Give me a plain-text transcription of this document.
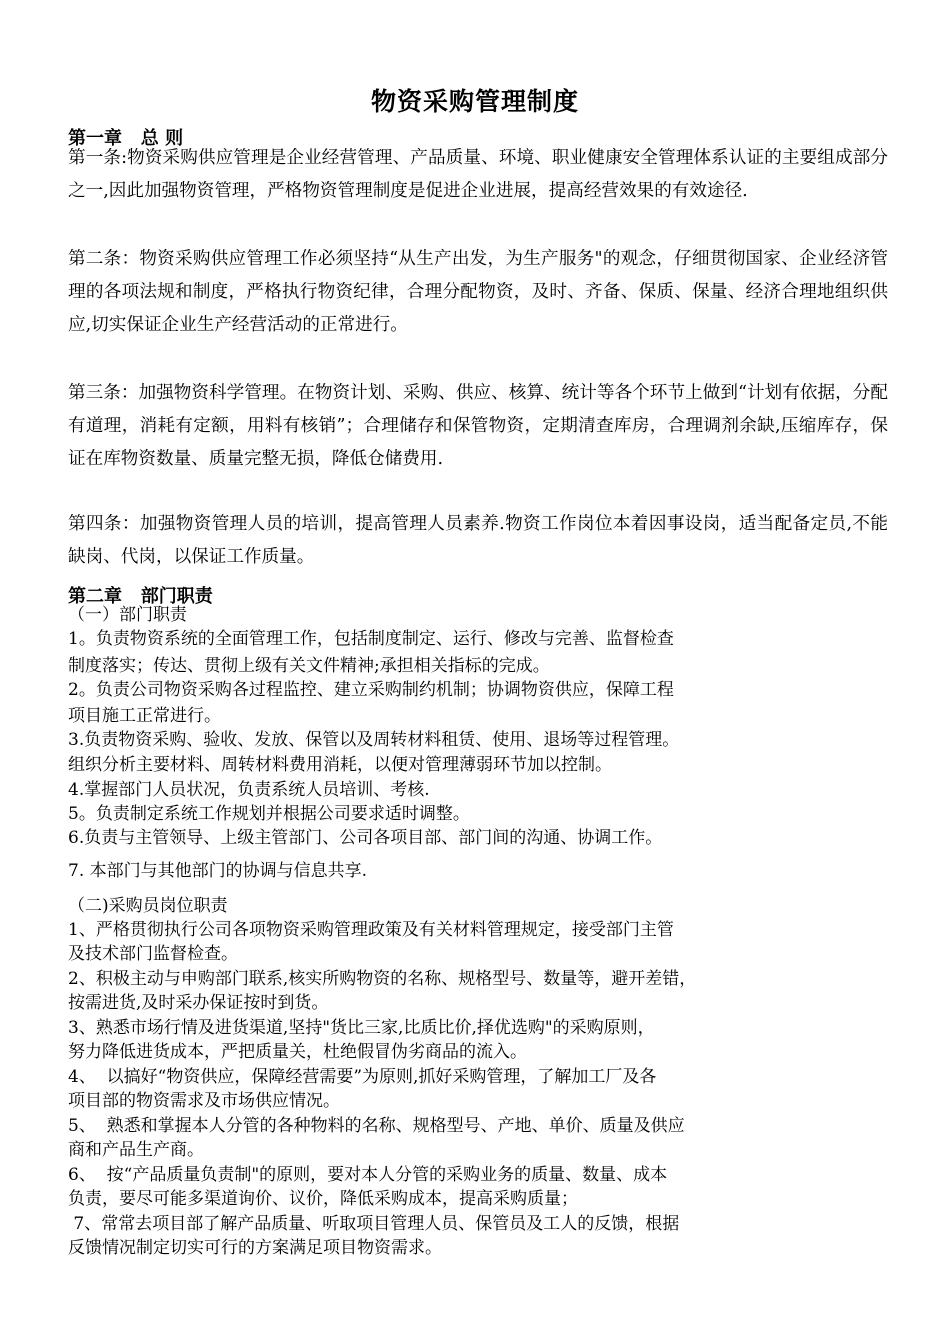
物资采购管理制度
第一章   总 则
第一条:物资采购供应管理是企业经营管理、产品质量、环境、职业健康安全管理体系认证的主要组成部分之一,因此加强物资管理，严格物资管理制度是促进企业进展，提高经营效果的有效途径.
第二条：物资采购供应管理工作必须坚持“从生产出发，为生产服务"的观念，仔细贯彻国家、企业经济管理的各项法规和制度，严格执行物资纪律，合理分配物资，及时、齐备、保质、保量、经济合理地组织供应,切实保证企业生产经营活动的正常进行。
第三条：加强物资科学管理。在物资计划、采购、供应、核算、统计等各个环节上做到“计划有依据，分配有道理，消耗有定额，用料有核销”；合理储存和保管物资，定期清查库房，合理调剂余缺,压缩库存，保证在库物资数量、质量完整无损，降低仓储费用.
第四条：加强物资管理人员的培训，提高管理人员素养.物资工作岗位本着因事设岗，适当配备定员,不能缺岗、代岗，以保证工作质量。
第二章   部门职责
（一）部门职责
1。负责物资系统的全面管理工作，包括制度制定、运行、修改与完善、监督检查
制度落实；传达、贯彻上级有关文件精神;承担相关指标的完成。
2。负责公司物资采购各过程监控、建立采购制约机制；协调物资供应，保障工程
项目施工正常进行。
3.负责物资采购、验收、发放、保管以及周转材料租赁、使用、退场等过程管理。
组织分析主要材料、周转材料费用消耗，以便对管理薄弱环节加以控制。
4.掌握部门人员状况，负责系统人员培训、考核.
5。负责制定系统工作规划并根据公司要求适时调整。
6.负责与主管领导、上级主管部门、公司各项目部、部门间的沟通、协调工作。
7. 本部门与其他部门的协调与信息共享.
（二)采购员岗位职责
1、严格贯彻执行公司各项物资采购管理政策及有关材料管理规定，接受部门主管
及技术部门监督检查。
2、积极主动与申购部门联系,核实所购物资的名称、规格型号、数量等，避开差错，
按需进货,及时采办保证按时到货。
3、熟悉市场行情及进货渠道,坚持"货比三家,比质比价,择优选购"的采购原则，
努力降低进货成本，严把质量关，杜绝假冒伪劣商品的流入。
4、  以搞好“物资供应，保障经营需要”为原则,抓好采购管理，了解加工厂及各
项目部的物资需求及市场供应情况。
5、  熟悉和掌握本人分管的各种物料的名称、规格型号、产地、单价、质量及供应
商和产品生产商。
6、  按“产品质量负责制"的原则，要对本人分管的采购业务的质量、数量、成本
负责，要尽可能多渠道询价、议价，降低采购成本，提高采购质量；
7、常常去项目部了解产品质量、听取项目管理人员、保管员及工人的反馈，根据
反馈情况制定切实可行的方案满足项目物资需求。
